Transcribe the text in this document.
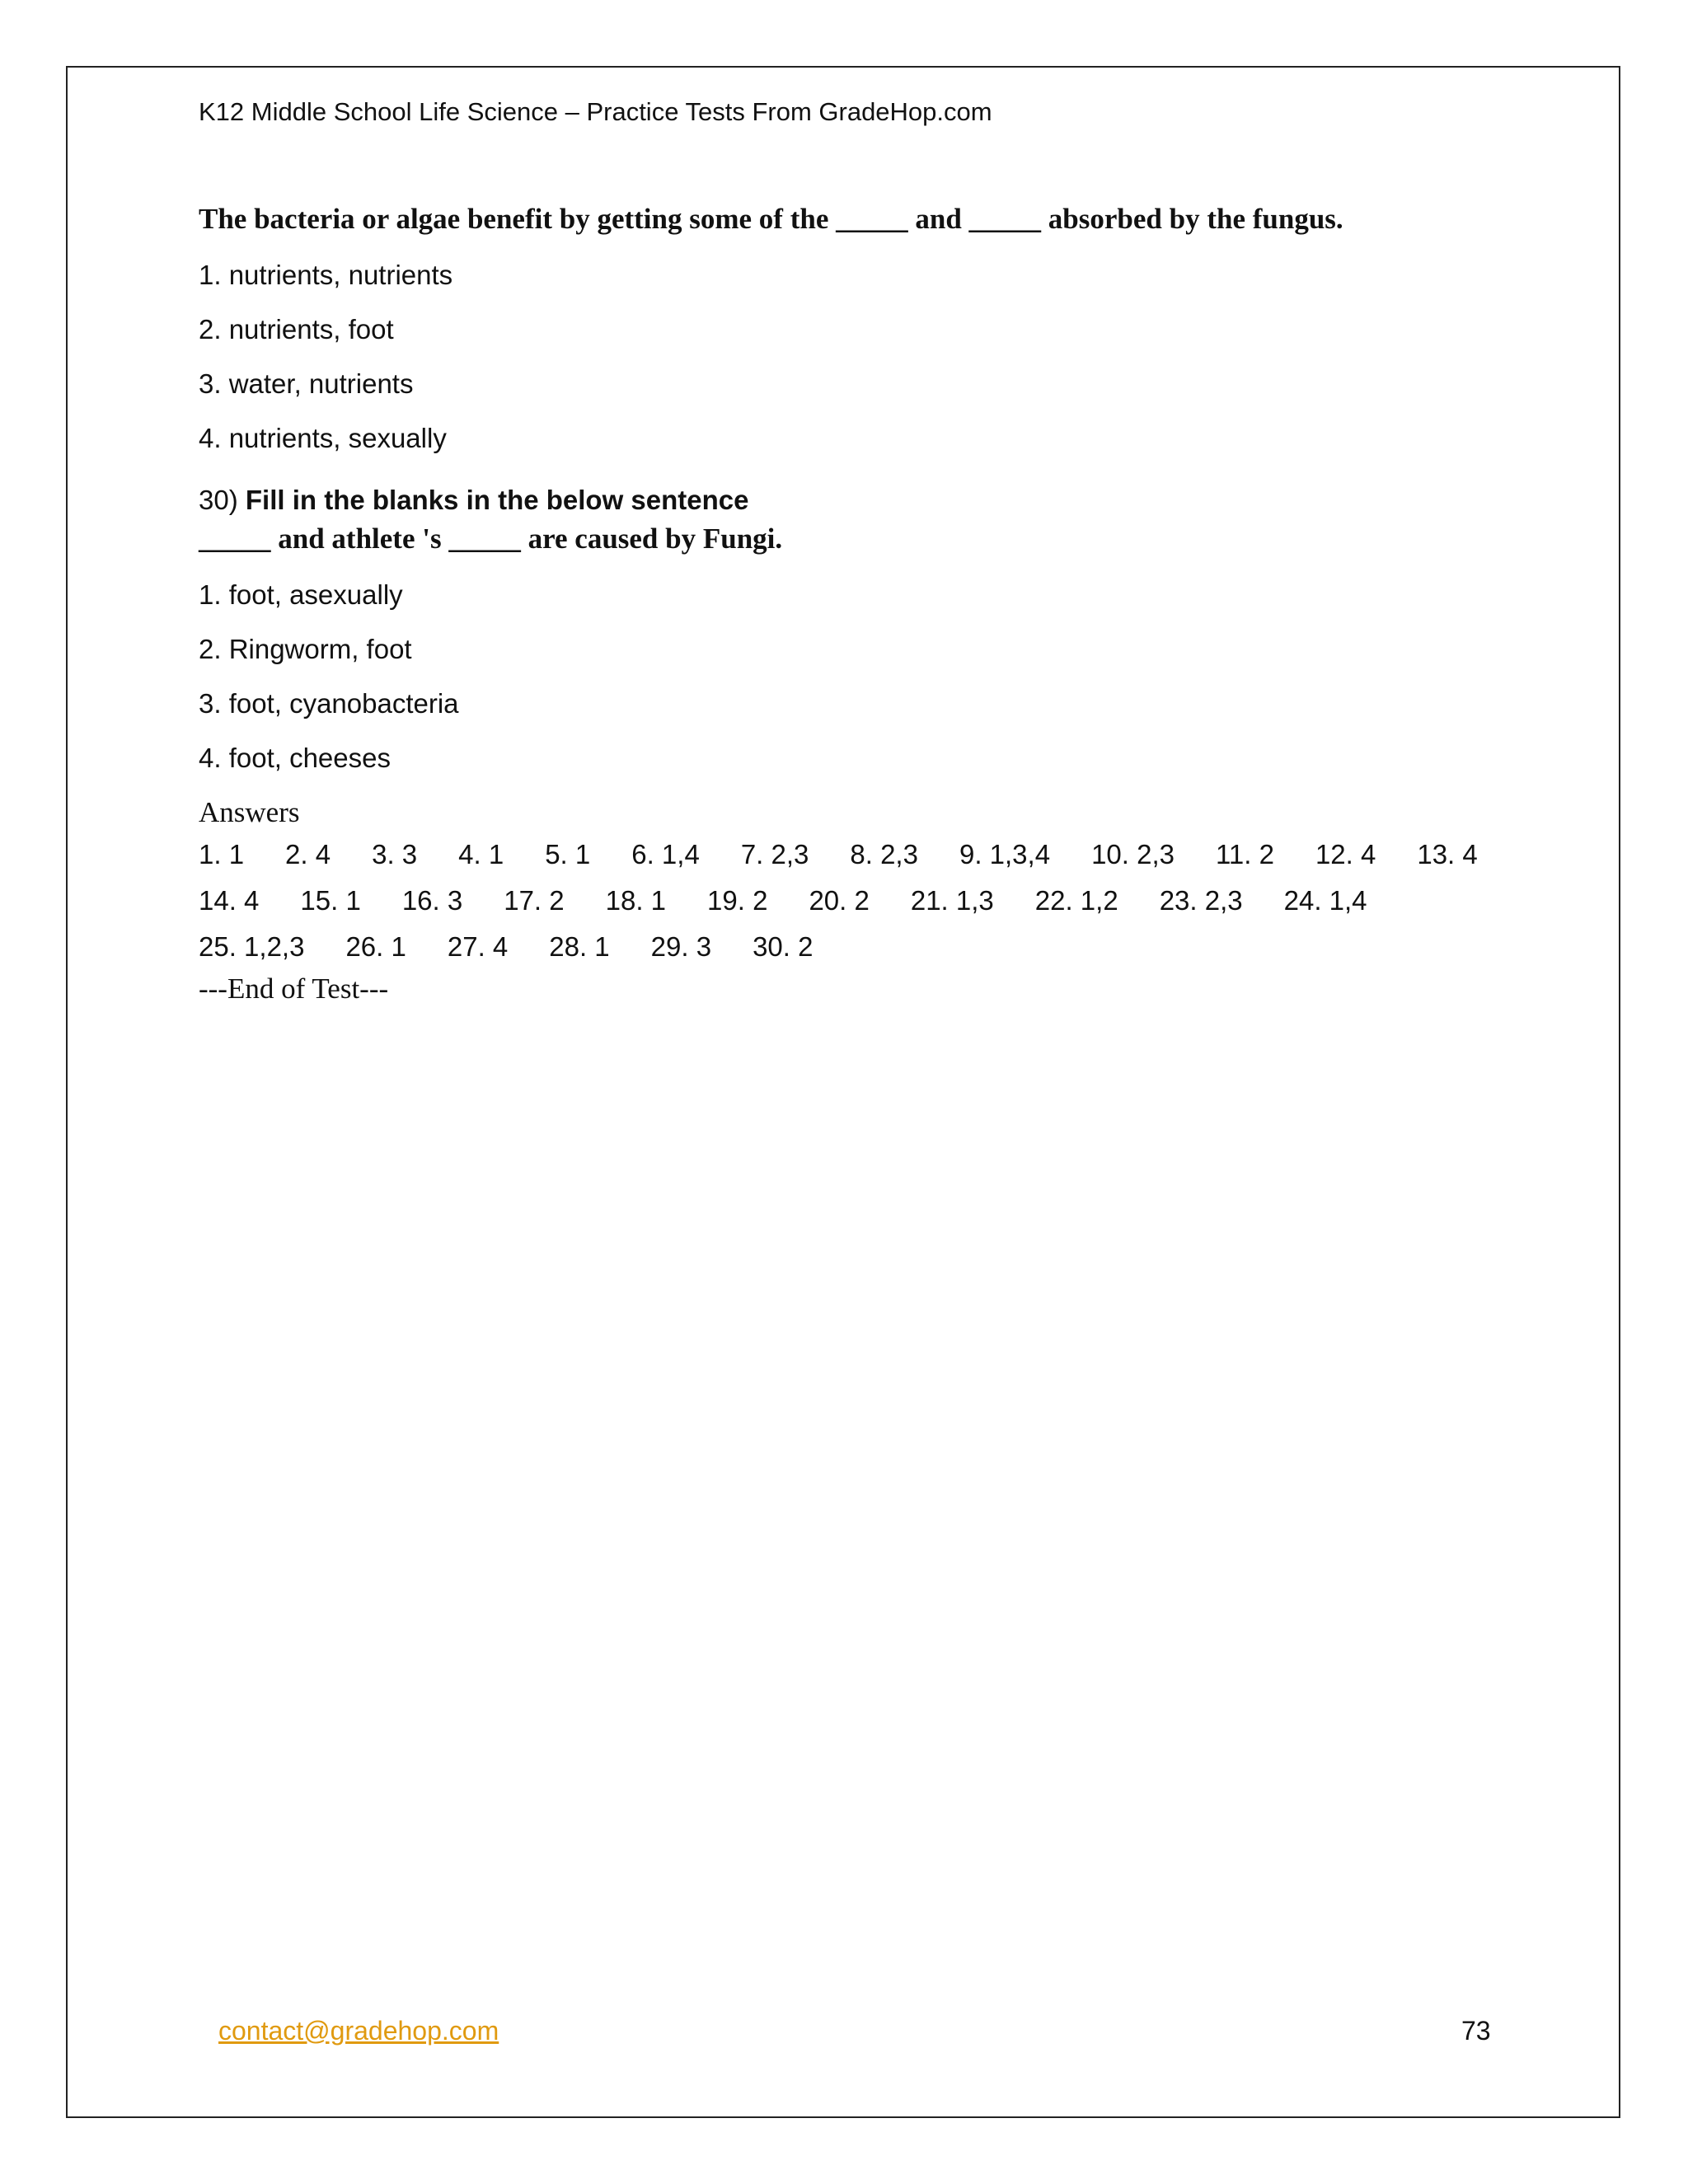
K12 Middle School Life Science – Practice Tests From GradeHop.com

The bacteria or algae benefit by getting some of the _____ and _____ absorbed by the fungus.

1. nutrients, nutrients

2. nutrients, foot

3. water, nutrients

4. nutrients, sexually

30) Fill in the blanks in the below sentence

_____ and athlete 's _____ are caused by Fungi.

1. foot, asexually

2. Ringworm, foot

3. foot, cyanobacteria

4. foot, cheeses

Answers
1. 1 2. 4 3. 3 4. 1 5. 1 6. 1,4 7. 2,3 8. 2,3 9. 1,3,4 10. 2,3 11. 2 12. 4 13. 4
14. 4 15. 1 16. 3 17. 2 18. 1 19. 2 20. 2 21. 1,3 22. 1,2 23. 2,3 24. 1,4
25. 1,2,3 26. 1 27. 4 28. 1 29. 3 30. 2
---End of Test---
contact@gradehop.com	73
